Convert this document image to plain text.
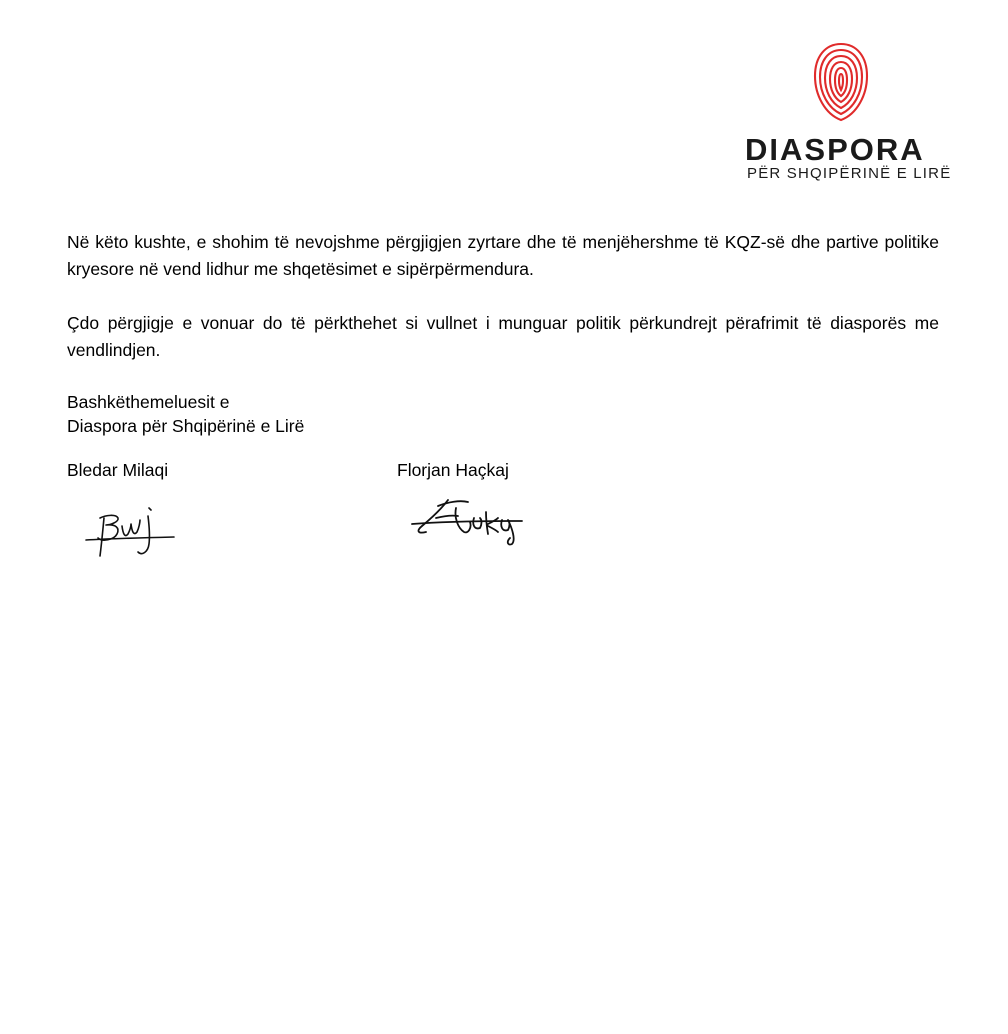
DIASPORA
PËR SHQIPËRINË E LIRË

Në këto kushte, e shohim të nevojshme përgjigjen zyrtare dhe të menjëhershme të KQZ-së dhe partive politike kryesore në vend lidhur me shqetësimet e sipërpërmendura.

Çdo përgjigje e vonuar do të përkthehet si vullnet i munguar politik përkundrejt përafrimit të diasporës me vendlindjen.

Bashkëthemeluesit e
Diaspora për Shqipërinë e Lirë
Bledar Milaqi	Florjan Haçkaj
